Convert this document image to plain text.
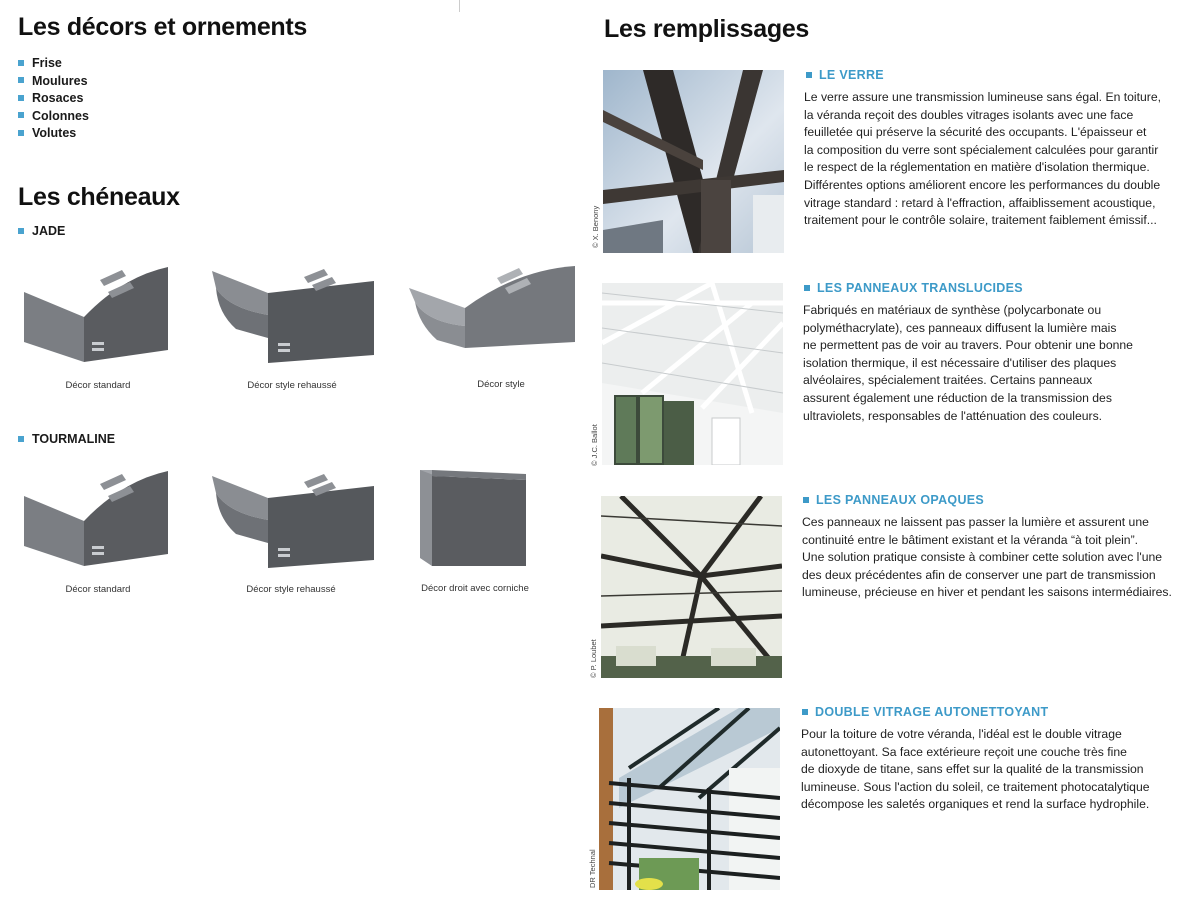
Les décors et ornements
Frise
Moulures
Rosaces
Colonnes
Volutes
Les chéneaux
JADE
Décor standard	Décor style rehaussé	Décor style
TOURMALINE
Décor standard	Décor style rehaussé	Décor droit avec corniche
Les remplissages
© X. Benony
LE VERRE
Le verre assure une transmission lumineuse sans égal. En toiture,
la véranda reçoit des doubles vitrages isolants avec une face
feuilletée qui préserve la sécurité des occupants. L'épaisseur et
la composition du verre sont spécialement calculées pour garantir
le respect de la réglementation en matière d'isolation thermique.
Différentes options améliorent encore les performances du double
vitrage standard : retard à l'effraction, affaiblissement acoustique,
traitement pour le contrôle solaire, traitement faiblement émissif...
© J.C. Ballot
LES PANNEAUX TRANSLUCIDES
Fabriqués en matériaux de synthèse (polycarbonate ou
polyméthacrylate), ces panneaux diffusent la lumière mais
ne permettent pas de voir au travers. Pour obtenir une bonne
isolation thermique, il est nécessaire d'utiliser des plaques
alvéolaires, spécialement traitées. Certains panneaux
assurent également une réduction de la transmission des
ultraviolets, responsables de l'atténuation des couleurs.
© P. Loubet
LES PANNEAUX OPAQUES
Ces panneaux ne laissent pas passer la lumière et assurent une
continuité entre le bâtiment existant et la véranda “à toit plein”.
Une solution pratique consiste à combiner cette solution avec l'une
des deux précédentes afin de conserver une part de transmission
lumineuse, précieuse en hiver et pendant les saisons intermédiaires.
DR Technal
DOUBLE VITRAGE AUTONETTOYANT
Pour la toiture de votre véranda, l'idéal est le double vitrage
autonettoyant. Sa face extérieure reçoit une couche très fine
de dioxyde de titane, sans effet sur la qualité de la transmission
lumineuse. Sous l'action du soleil, ce traitement photocatalytique
décompose les saletés organiques et rend la surface hydrophile.
